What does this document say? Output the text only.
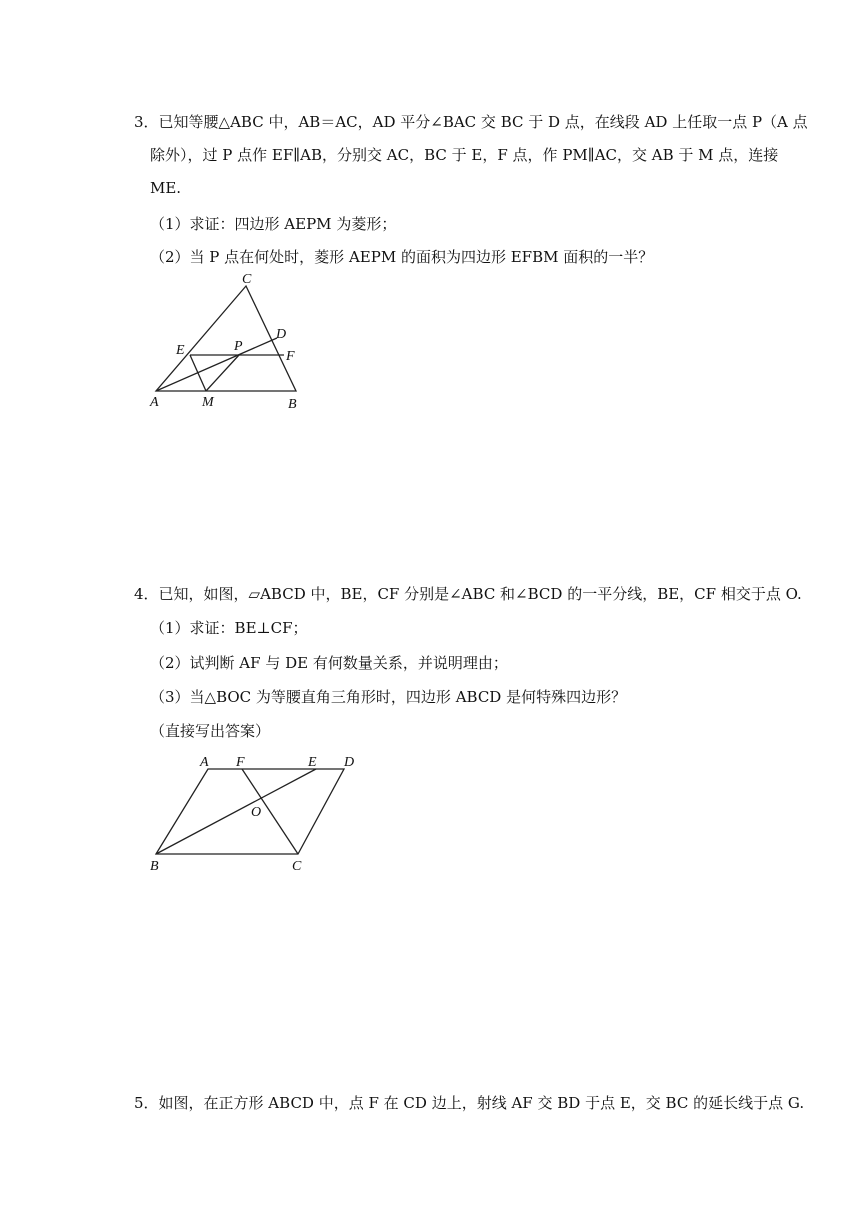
3．已知等腰△ABC 中，AB＝AC，AD 平分∠BAC 交 BC 于 D 点，在线段 AD 上任取一点 P（A 点
除外），过 P 点作 EF∥AB，分别交 AC，BC 于 E，F 点，作 PM∥AC，交 AB 于 M 点，连接
ME.
（1）求证：四边形 AEPM 为菱形；
（2）当 P 点在何处时，菱形 AEPM 的面积为四边形 EFBM 面积的一半？
C
D
E	P
F
A	M	B
4．已知，如图，▱ABCD 中，BE，CF 分别是∠ABC 和∠BCD 的一平分线，BE，CF 相交于点 O.
（1）求证：BE⊥CF；
（2）试判断 AF 与 DE 有何数量关系，并说明理由；
（3）当△BOC 为等腰直角三角形时，四边形 ABCD 是何特殊四边形？
（直接写出答案）
A F	E D
O
B	C
5．如图，在正方形 ABCD 中，点 F 在 CD 边上，射线 AF 交 BD 于点 E，交 BC 的延长线于点 G.
